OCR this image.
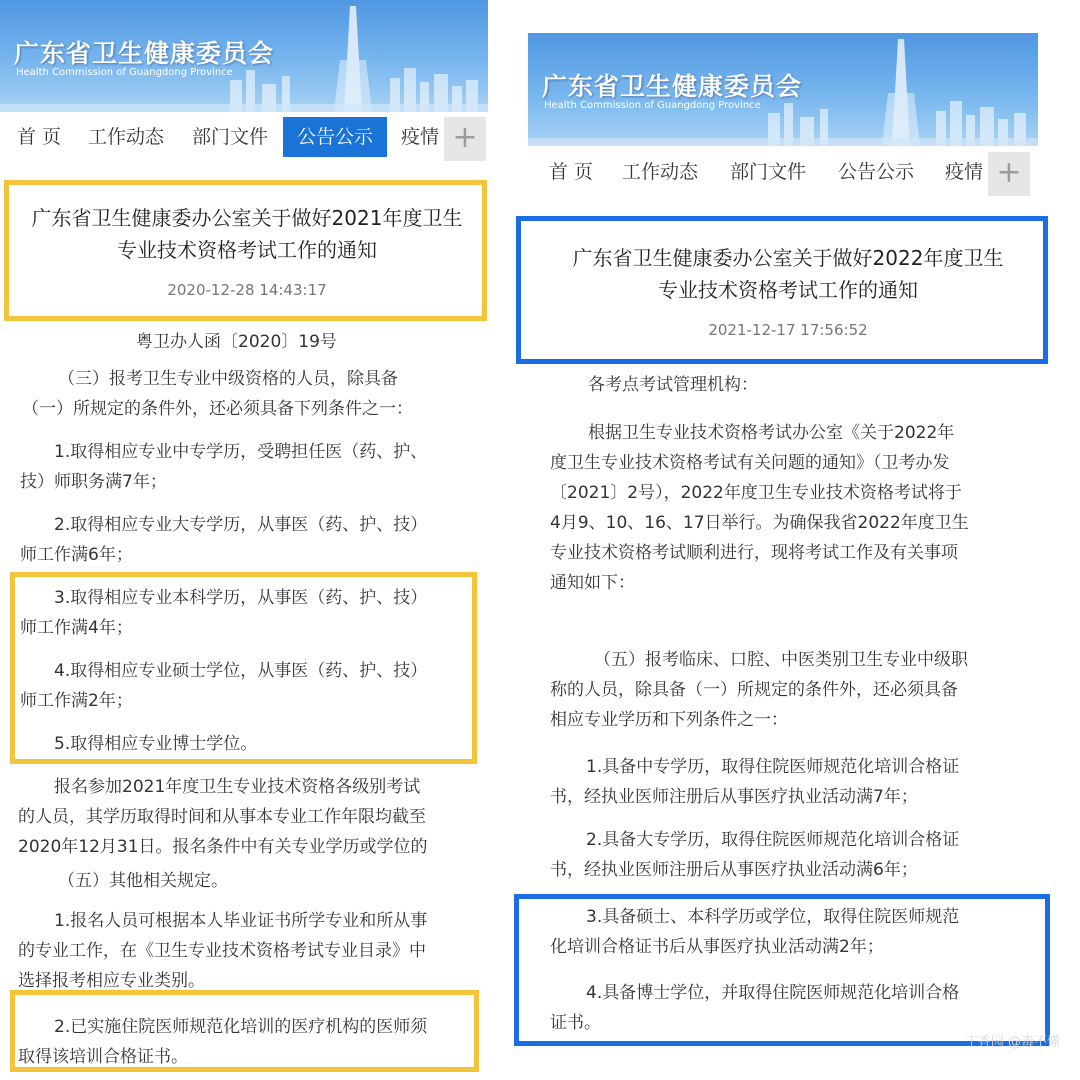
广东省卫生健康委员会
Health Commission of Guangdong Province
首 页	工作动态	部门文件	公告公示	疫情 +
广东省卫生健康委办公室关于做好2021年度卫生
专业技术资格考试工作的通知
2020-12-28 14:43:17
粤卫办人函〔2020〕19号
（三）报考卫生专业中级资格的人员，除具备
（一）所规定的条件外，还必须具备下列条件之一：
1.取得相应专业中专学历，受聘担任医（药、护、
技）师职务满7年；
2.取得相应专业大专学历，从事医（药、护、技）
师工作满6年；
3.取得相应专业本科学历，从事医（药、护、技）
师工作满4年；
4.取得相应专业硕士学位，从事医（药、护、技）
师工作满2年；
5.取得相应专业博士学位。
报名参加2021年度卫生专业技术资格各级别考试
的人员，其学历取得时间和从事本专业工作年限均截至
2020年12月31日。报名条件中有关专业学历或学位的
（五）其他相关规定。
1.报名人员可根据本人毕业证书所学专业和所从事
的专业工作，在《卫生专业技术资格考试专业目录》中
选择报考相应专业类别。
2.已实施住院医师规范化培训的医疗机构的医师须
取得该培训合格证书。
广东省卫生健康委员会
Health Commission of Guangdong Province
首 页	工作动态	部门文件	公告公示	疫情 +
广东省卫生健康委办公室关于做好2022年度卫生
专业技术资格考试工作的通知
2021-12-17 17:56:52
各考点考试管理机构：
根据卫生专业技术资格考试办公室《关于2022年
度卫生专业技术资格考试有关问题的通知》（卫考办发
〔2021〕2号），2022年度卫生专业技术资格考试将于
4月9、10、16、17日举行。为确保我省2022年度卫生
专业技术资格考试顺利进行，现将考试工作及有关事项
通知如下：
（五）报考临床、口腔、中医类别卫生专业中级职
称的人员，除具备（一）所规定的条件外，还必须具备
相应专业学历和下列条件之一：
1.具备中专学历，取得住院医师规范化培训合格证
书，经执业医师注册后从事医疗执业活动满7年；
2.具备大专学历，取得住院医师规范化培训合格证
书，经执业医师注册后从事医疗执业活动满6年；
3.具备硕士、本科学历或学位，取得住院医师规范
化培训合格证书后从事医疗执业活动满2年；
4.具备博士学位，并取得住院医师规范化培训合格
证书。
丁香园 @毒不懂
